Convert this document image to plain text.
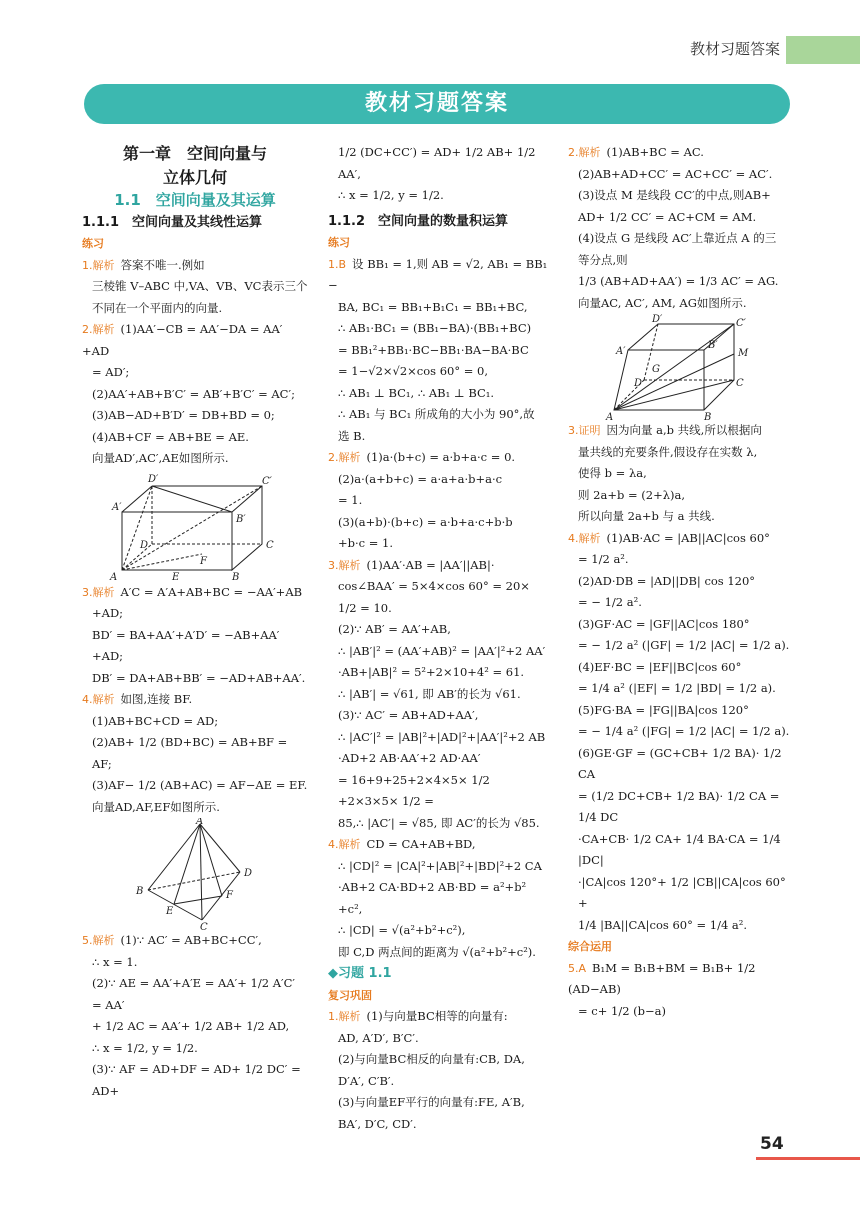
教材习题答案
教材习题答案

第一章　空间向量与
立体几何

1.1　空间向量及其运算

1.1.1　空间向量及其线性运算

练习

1.解析 答案不唯一.例如

三棱锥 V–ABC 中,VA、VB、VC表示三个

不同在一个平面内的向量.

2.解析 (1)AA′−CB = AA′−DA = AA′+AD

= AD′;

(2)AA′+AB+B′C′ = AB′+B′C′ = AC′;

(3)AB−AD+B′D′ = DB+BD = 0;

(4)AB+CF = AB+BE = AE.

向量AD′,AC′,AE如图所示.

A	B
C
D
A′
B′
C′
D′
E
F

3.解析 A′C = A′A+AB+BC = −AA′+AB

+AD;

BD′ = BA+AA′+A′D′ = −AB+AA′+AD;

DB′ = DA+AB+BB′ = −AD+AB+AA′.

4.解析 如图,连接 BF.

(1)AB+BC+CD = AD;

(2)AB+ 1/2 (BD+BC) = AB+BF = AF;

(3)AF− 1/2 (AB+AC) = AF−AE = EF.

向量AD,AF,EF如图所示.

A
B
C
D
E
F

5.解析 (1)∵ AC′ = AB+BC+CC′,

∴ x = 1.

(2)∵ AE = AA′+A′E = AA′+ 1/2 A′C′ = AA′

+ 1/2 AC = AA′+ 1/2 AB+ 1/2 AD,

∴ x = 1/2, y = 1/2.

(3)∵ AF = AD+DF = AD+ 1/2 DC′ = AD+

1/2 (DC+CC′) = AD+ 1/2 AB+ 1/2 AA′,

∴ x = 1/2, y = 1/2.

1.1.2　空间向量的数量积运算

练习

1.B 设 BB₁ = 1,则 AB = √2, AB₁ = BB₁ −

BA, BC₁ = BB₁+B₁C₁ = BB₁+BC,

∴ AB₁·BC₁ = (BB₁−BA)·(BB₁+BC)

= BB₁²+BB₁·BC−BB₁·BA−BA·BC

= 1−√2×√2×cos 60° = 0,

∴ AB₁ ⊥ BC₁, ∴ AB₁ ⊥ BC₁.

∴ AB₁ 与 BC₁ 所成角的大小为 90°,故

选 B.

2.解析 (1)a·(b+c) = a·b+a·c = 0.

(2)a·(a+b+c) = a·a+a·b+a·c

= 1.

(3)(a+b)·(b+c) = a·b+a·c+b·b

+b·c = 1.

3.解析 (1)AA′·AB = |AA′||AB|·

cos∠BAA′ = 5×4×cos 60° = 20× 1/2 = 10.

(2)∵ AB′ = AA′+AB,

∴ |AB′|² = (AA′+AB)² = |AA′|²+2 AA′

·AB+|AB|² = 5²+2×10+4² = 61.

∴ |AB′| = √61, 即 AB′的长为 √61.

(3)∵ AC′ = AB+AD+AA′,

∴ |AC′|² = |AB|²+|AD|²+|AA′|²+2 AB

·AD+2 AB·AA′+2 AD·AA′

= 16+9+25+2×4×5× 1/2 +2×3×5× 1/2 =

85,∴ |AC′| = √85, 即 AC′的长为 √85.

4.解析 CD = CA+AB+BD,

∴ |CD|² = |CA|²+|AB|²+|BD|²+2 CA

·AB+2 CA·BD+2 AB·BD = a²+b²

+c²,

∴ |CD| = √(a²+b²+c²),

即 C,D 两点间的距离为 √(a²+b²+c²).

◆习题 1.1

复习巩固

1.解析 (1)与向量BC相等的向量有:

AD, A′D′, B′C′.

(2)与向量BC相反的向量有:CB, DA,

D′A′, C′B′.

(3)与向量EF平行的向量有:FE, A′B,

BA′, D′C, CD′.

2.解析 (1)AB+BC = AC.

(2)AB+AD+CC′ = AC+CC′ = AC′.

(3)设点 M 是线段 CC′的中点,则AB+

AD+ 1/2 CC′ = AC+CM = AM.

(4)设点 G 是线段 AC′上靠近点 A 的三

等分点,则

1/3 (AB+AD+AA′) = 1/3 AC′ = AG.

向量AC, AC′, AM, AG如图所示.

A	B
C
D
A′
B′
C′
D′
G
M

3.证明 因为向量 a,b 共线,所以根据向

量共线的充要条件,假设存在实数 λ,

使得 b = λa,

则 2a+b = (2+λ)a,

所以向量 2a+b 与 a 共线.

4.解析 (1)AB·AC = |AB||AC|cos 60°

= 1/2 a².

(2)AD·DB = |AD||DB| cos 120°

= − 1/2 a².

(3)GF·AC = |GF||AC|cos 180°

= − 1/2 a² (|GF| = 1/2 |AC| = 1/2 a).

(4)EF·BC = |EF||BC|cos 60°

= 1/4 a² (|EF| = 1/2 |BD| = 1/2 a).

(5)FG·BA = |FG||BA|cos 120°

= − 1/4 a² (|FG| = 1/2 |AC| = 1/2 a).

(6)GE·GF = (GC+CB+ 1/2 BA)· 1/2 CA

= (1/2 DC+CB+ 1/2 BA)· 1/2 CA = 1/4 DC

·CA+CB· 1/2 CA+ 1/4 BA·CA = 1/4 |DC|

·|CA|cos 120°+ 1/2 |CB||CA|cos 60°+

1/4 |BA||CA|cos 60° = 1/4 a².

综合运用

5.A B₁M = B₁B+BM = B₁B+ 1/2 (AD−AB)

= c+ 1/2 (b−a)

54
